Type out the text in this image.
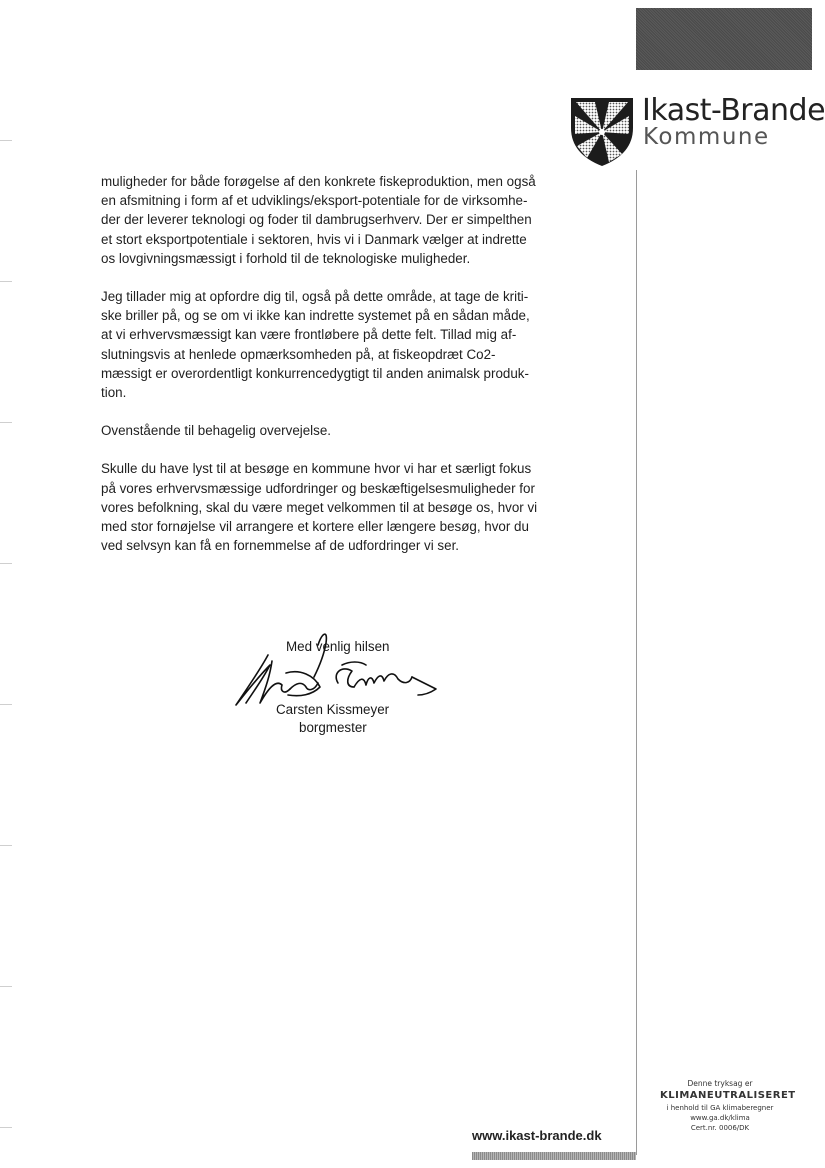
Ikast-Brande
Kommune

muligheder for både forøgelse af den konkrete fiskeproduktion, men også
en afsmitning i form af et udviklings/eksport-potentiale for de virksomhe-
der der leverer teknologi og foder til dambrugserhverv. Der er simpelthen
et stort eksportpotentiale i sektoren, hvis vi i Danmark vælger at indrette
os lovgivningsmæssigt i forhold til de teknologiske muligheder.

Jeg tillader mig at opfordre dig til, også på dette område, at tage de kriti-
ske briller på, og se om vi ikke kan indrette systemet på en sådan måde,
at vi erhvervsmæssigt kan være frontløbere på dette felt. Tillad mig af-
slutningsvis at henlede opmærksomheden på, at fiskeopdræt Co2-
mæssigt er overordentligt konkurrencedygtigt til anden animalsk produk-
tion.

Ovenstående til behagelig overvejelse.

Skulle du have lyst til at besøge en kommune hvor vi har et særligt fokus
på vores erhvervsmæssige udfordringer og beskæftigelsesmuligheder for
vores befolkning, skal du være meget velkommen til at besøge os, hvor vi
med stor fornøjelse vil arrangere et kortere eller længere besøg, hvor du
ved selvsyn kan få en fornemmelse af de udfordringer vi ser.

Med venlig hilsen
Carsten Kissmeyer
borgmester
Denne tryksag er
KLIMANEUTRALISERET
i henhold til GA klimaberegner
www.ga.dk/klima
Cert.nr. 0006/DK
www.ikast-brande.dk
